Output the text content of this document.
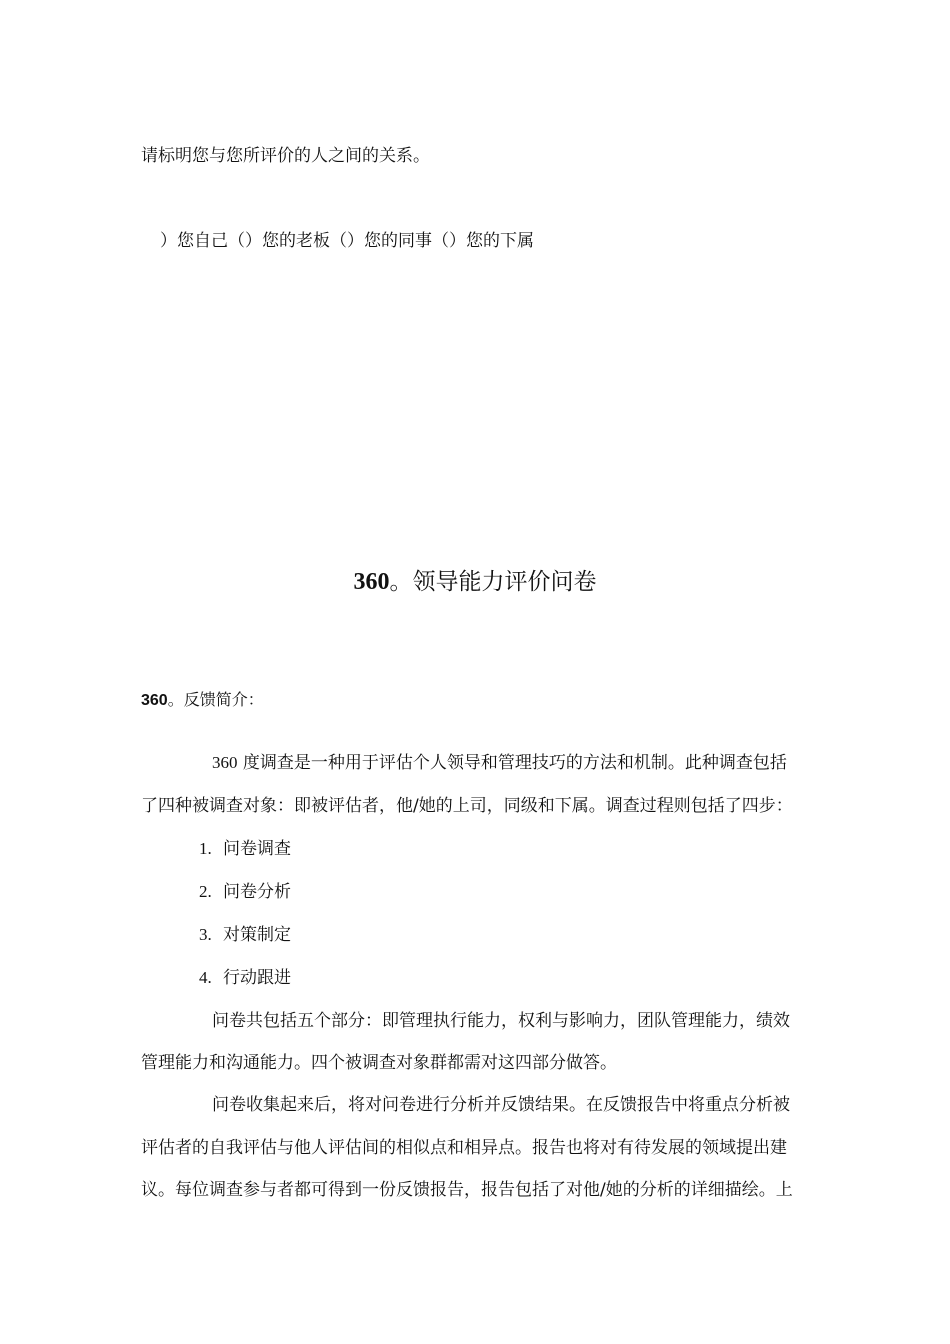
请标明您与您所评价的人之间的关系。
）您自己（）您的老板（）您的同事（）您的下属
360。领导能力评价问卷
360。反馈简介：
360 度调查是一种用于评估个人领导和管理技巧的方法和机制。此种调查包括
了四种被调查对象：即被评估者，他/她的上司，同级和下属。调查过程则包括了四步：
1. 问卷调查
2. 问卷分析
3. 对策制定
4. 行动跟进
问卷共包括五个部分：即管理执行能力，权利与影响力，团队管理能力，绩效
管理能力和沟通能力。四个被调查对象群都需对这四部分做答。
问卷收集起来后，将对问卷进行分析并反馈结果。在反馈报告中将重点分析被
评估者的自我评估与他人评估间的相似点和相异点。报告也将对有待发展的领域提出建
议。每位调查参与者都可得到一份反馈报告，报告包括了对他/她的分析的详细描绘。上
